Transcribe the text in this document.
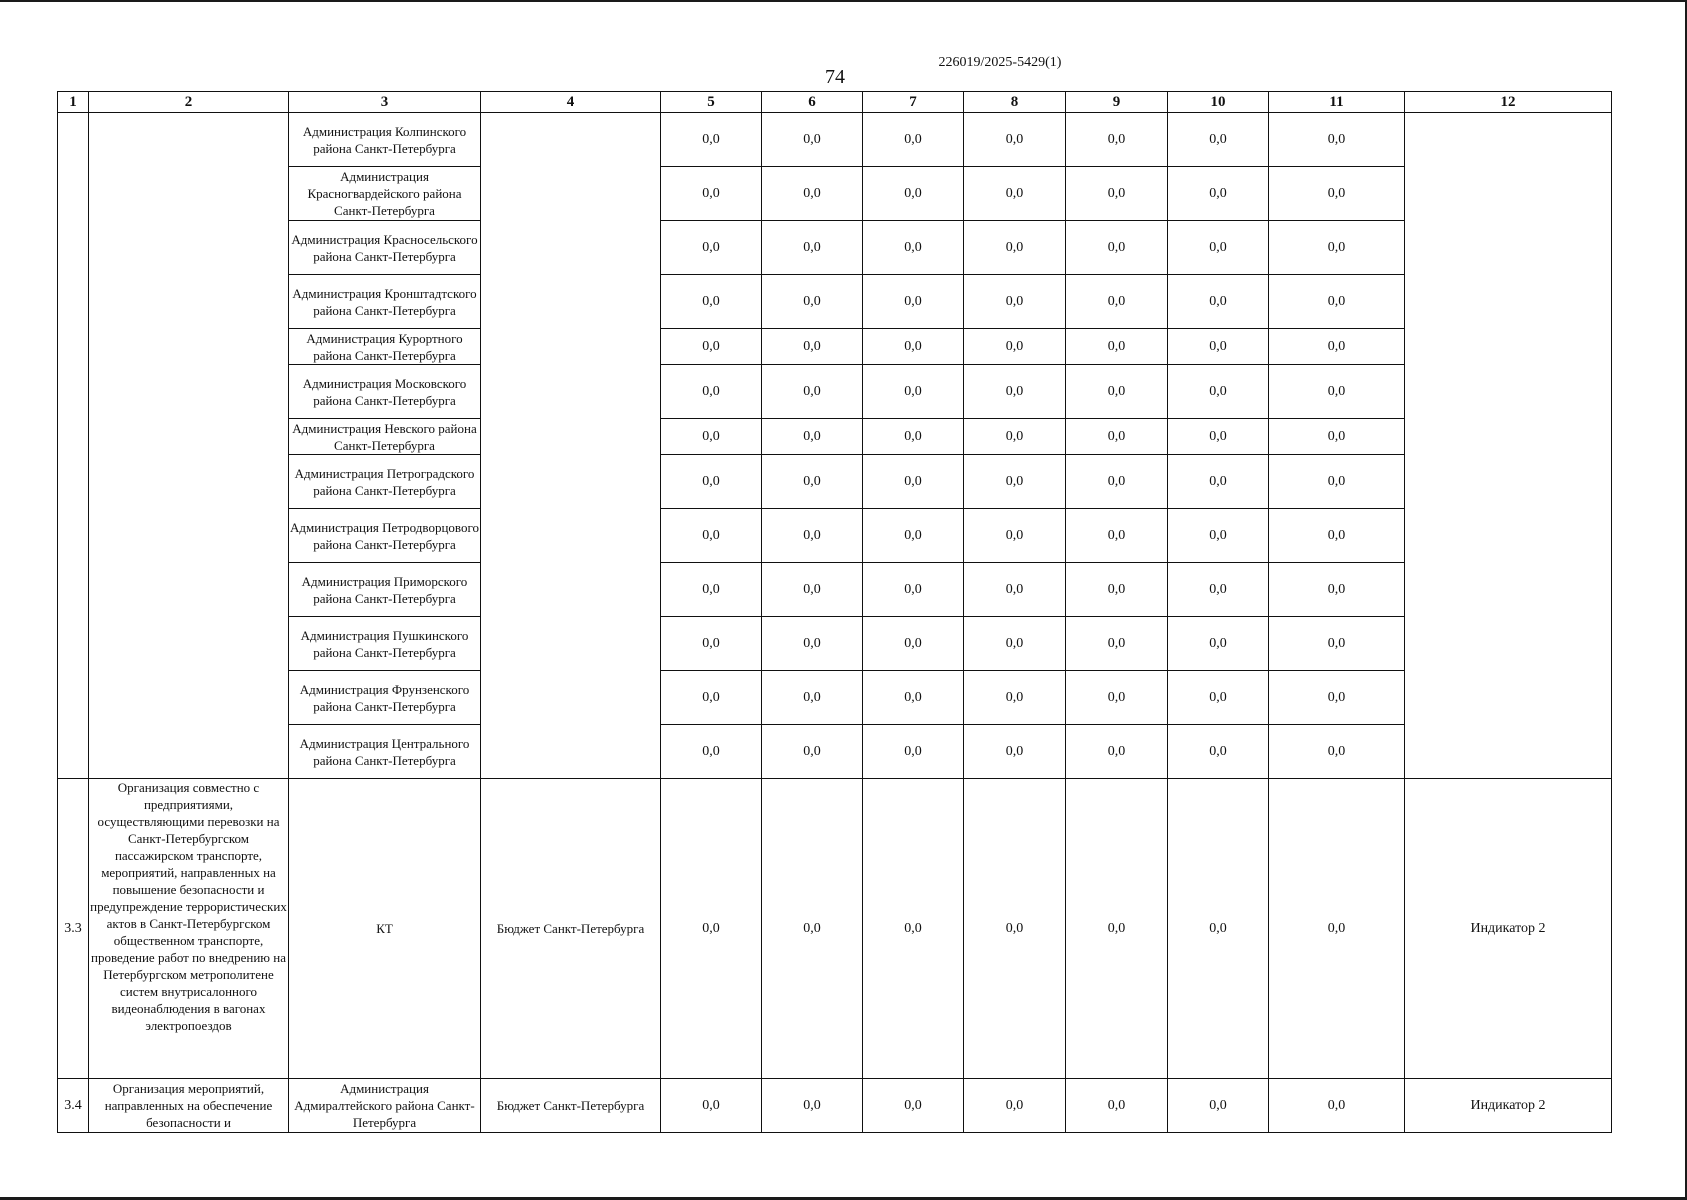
226019/2025-5429(1)
74
1	2	3	4	5	6	7	8	9	10	11	12
		Администрация Колпинского района Санкт-Петербурга		0,0	0,0	0,0	0,0	0,0	0,0	0,0	
		Администрация Красногвардейского района Санкт-Петербурга		0,0	0,0	0,0	0,0	0,0	0,0	0,0	
		Администрация Красносельского района Санкт-Петербурга		0,0	0,0	0,0	0,0	0,0	0,0	0,0	
		Администрация Кронштадтского района Санкт-Петербурга		0,0	0,0	0,0	0,0	0,0	0,0	0,0	
		Администрация Курортного района Санкт-Петербурга		0,0	0,0	0,0	0,0	0,0	0,0	0,0	
		Администрация Московского района Санкт-Петербурга		0,0	0,0	0,0	0,0	0,0	0,0	0,0	
		Администрация Невского района Санкт-Петербурга		0,0	0,0	0,0	0,0	0,0	0,0	0,0	
		Администрация Петроградского района Санкт-Петербурга		0,0	0,0	0,0	0,0	0,0	0,0	0,0	
		Администрация Петродворцового района Санкт-Петербурга		0,0	0,0	0,0	0,0	0,0	0,0	0,0	
		Администрация Приморского района Санкт-Петербурга		0,0	0,0	0,0	0,0	0,0	0,0	0,0	
		Администрация Пушкинского района Санкт-Петербурга		0,0	0,0	0,0	0,0	0,0	0,0	0,0	
		Администрация Фрунзенского района Санкт-Петербурга		0,0	0,0	0,0	0,0	0,0	0,0	0,0	
		Администрация Центрального района Санкт-Петербурга		0,0	0,0	0,0	0,0	0,0	0,0	0,0	
3.3	Организация совместно с предприятиями, осуществляющими перевозки на Санкт-Петербургском пассажирском транспорте, мероприятий, направленных на повышение безопасности и предупреждение террористических актов в Санкт-Петербургском общественном транспорте, проведение работ по внедрению на Петербургском метрополитене систем внутрисалонного видеонаблюдения в вагонах электропоездов	КТ	Бюджет Санкт-Петербурга	0,0	0,0	0,0	0,0	0,0	0,0	0,0	Индикатор 2
3.4	Организация мероприятий, направленных на обеспечение безопасности и	Администрация Адмиралтейского района Санкт-Петербурга	Бюджет Санкт-Петербурга	0,0	0,0	0,0	0,0	0,0	0,0	0,0	Индикатор 2
